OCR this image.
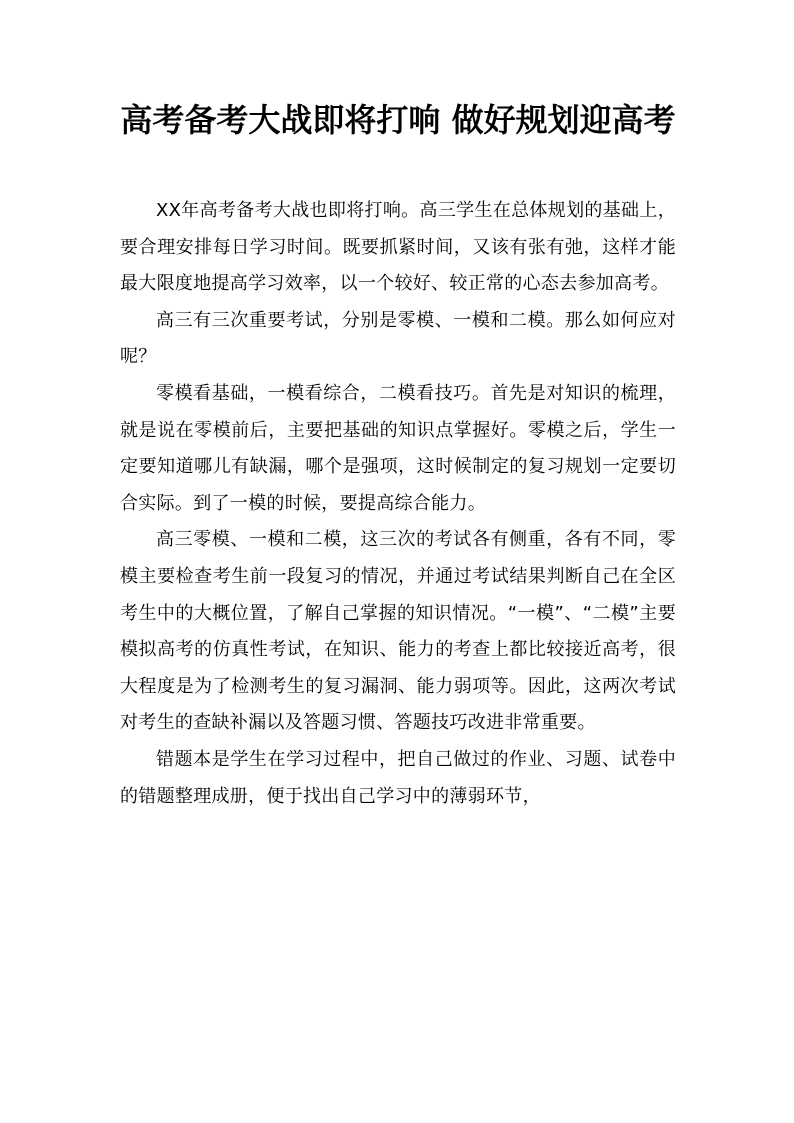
高考备考大战即将打响 做好规划迎高考

XX年高考备考大战也即将打响。高三学生在总体规划的基础上，要合理安排每日学习时间。既要抓紧时间，又该有张有弛，这样才能最大限度地提高学习效率，以一个较好、较正常的心态去参加高考。

高三有三次重要考试，分别是零模、一模和二模。那么如何应对呢？

零模看基础，一模看综合，二模看技巧。首先是对知识的梳理，就是说在零模前后，主要把基础的知识点掌握好。零模之后，学生一定要知道哪儿有缺漏，哪个是强项，这时候制定的复习规划一定要切合实际。到了一模的时候，要提高综合能力。

高三零模、一模和二模，这三次的考试各有侧重，各有不同，零模主要检查考生前一段复习的情况，并通过考试结果判断自己在全区考生中的大概位置，了解自己掌握的知识情况。“一模”、“二模”主要模拟高考的仿真性考试，在知识、能力的考查上都比较接近高考，很大程度是为了检测考生的复习漏洞、能力弱项等。因此，这两次考试对考生的查缺补漏以及答题习惯、答题技巧改进非常重要。

错题本是学生在学习过程中，把自己做过的作业、习题、试卷中的错题整理成册，便于找出自己学习中的薄弱环节，
